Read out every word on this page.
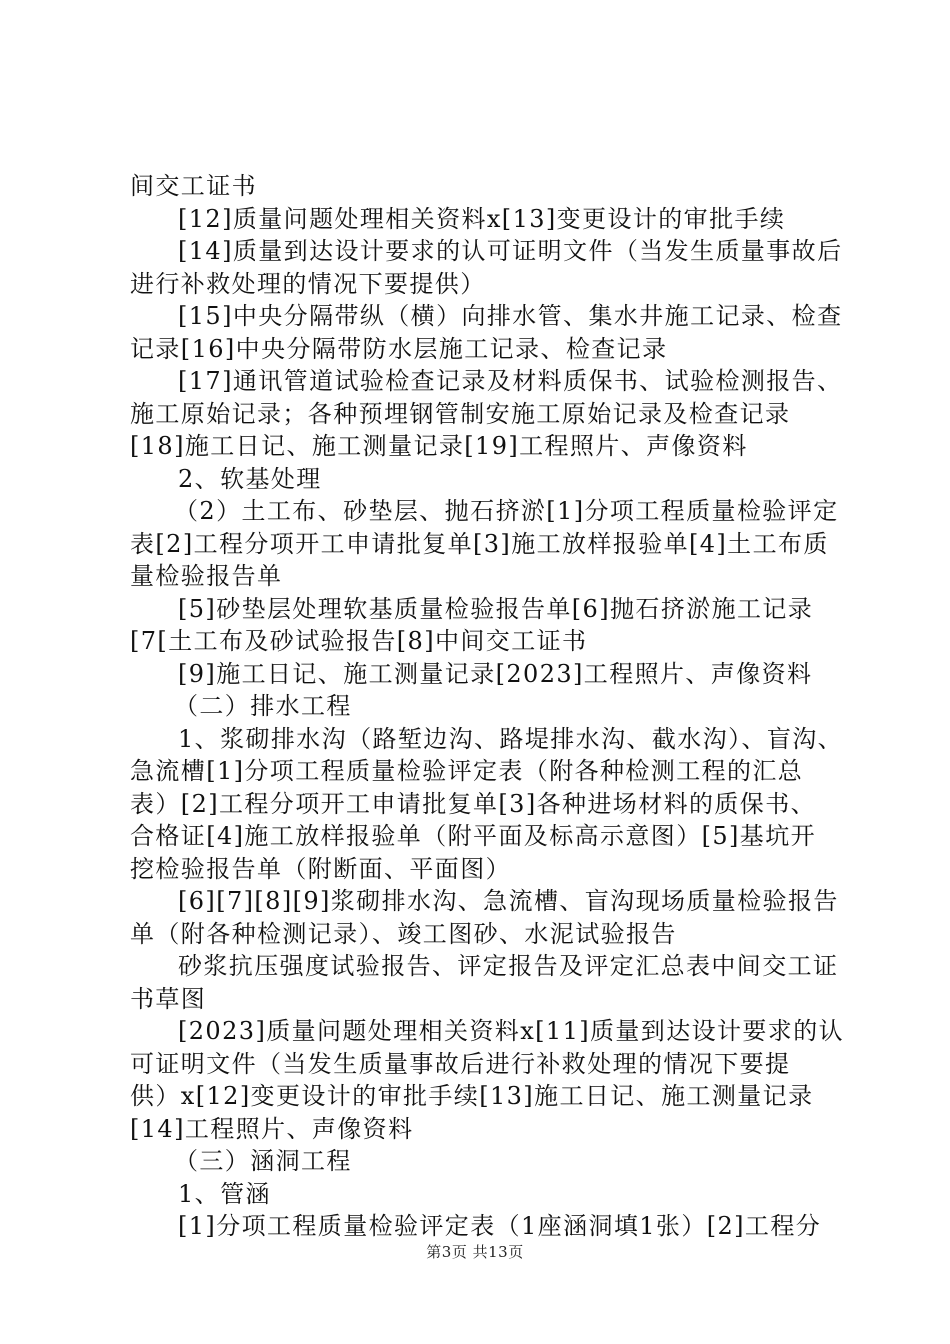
间交工证书
[12]质量问题处理相关资料x[13]变更设计的审批手续
[14]质量到达设计要求的认可证明文件（当发生质量事故后
进行补救处理的情况下要提供）
[15]中央分隔带纵（横）向排水管、集水井施工记录、检查
记录[16]中央分隔带防水层施工记录、检查记录
[17]通讯管道试验检查记录及材料质保书、试验检测报告、
施工原始记录；各种预埋钢管制安施工原始记录及检查记录
[18]施工日记、施工测量记录[19]工程照片、声像资料
2、软基处理
（2）土工布、砂垫层、抛石挤淤[1]分项工程质量检验评定
表[2]工程分项开工申请批复单[3]施工放样报验单[4]土工布质
量检验报告单
[5]砂垫层处理软基质量检验报告单[6]抛石挤淤施工记录
[7[土工布及砂试验报告[8]中间交工证书
[9]施工日记、施工测量记录[2023]工程照片、声像资料
（二）排水工程
1、浆砌排水沟（路堑边沟、路堤排水沟、截水沟）、盲沟、
急流槽[1]分项工程质量检验评定表（附各种检测工程的汇总
表）[2]工程分项开工申请批复单[3]各种进场材料的质保书、
合格证[4]施工放样报验单（附平面及标高示意图）[5]基坑开
挖检验报告单（附断面、平面图）
[6][7][8][9]浆砌排水沟、急流槽、盲沟现场质量检验报告
单（附各种检测记录）、竣工图砂、水泥试验报告
砂浆抗压强度试验报告、评定报告及评定汇总表中间交工证
书草图
[2023]质量问题处理相关资料x[11]质量到达设计要求的认
可证明文件（当发生质量事故后进行补救处理的情况下要提
供）x[12]变更设计的审批手续[13]施工日记、施工测量记录
[14]工程照片、声像资料
（三）涵洞工程
1、管涵
[1]分项工程质量检验评定表（1座涵洞填1张）[2]工程分
第3页 共13页
